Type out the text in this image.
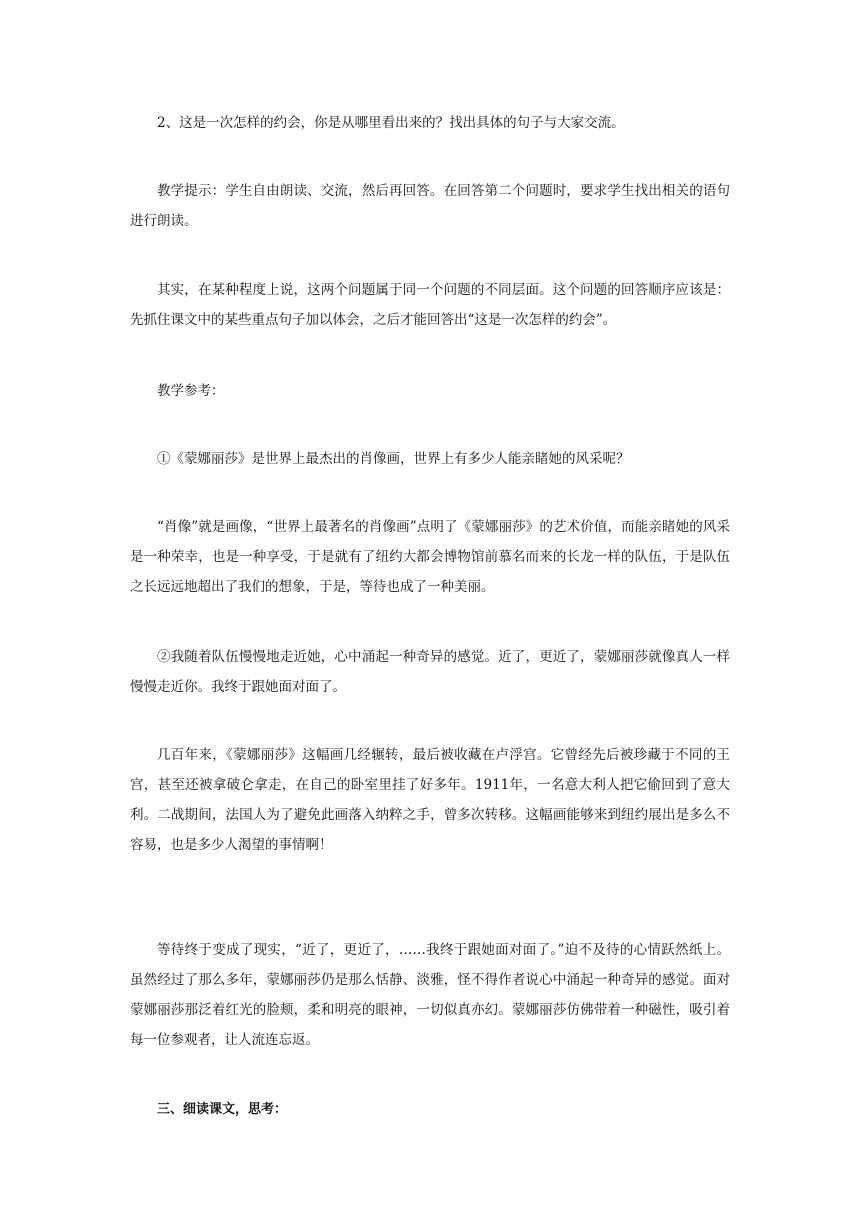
2、这是一次怎样的约会，你是从哪里看出来的？找出具体的句子与大家交流。

教学提示：学生自由朗读、交流，然后再回答。在回答第二个问题时，要求学生找出相关的语句进行朗读。

其实，在某种程度上说，这两个问题属于同一个问题的不同层面。这个问题的回答顺序应该是：先抓住课文中的某些重点句子加以体会，之后才能回答出“这是一次怎样的约会”。

教学参考：

①《蒙娜丽莎》是世界上最杰出的肖像画，世界上有多少人能亲睹她的风采呢？

“肖像”就是画像，“世界上最著名的肖像画”点明了《蒙娜丽莎》的艺术价值，而能亲睹她的风采是一种荣幸，也是一种享受，于是就有了纽约大都会博物馆前慕名而来的长龙一样的队伍，于是队伍之长远远地超出了我们的想象，于是，等待也成了一种美丽。

②我随着队伍慢慢地走近她，心中涌起一种奇异的感觉。近了，更近了，蒙娜丽莎就像真人一样慢慢走近你。我终于跟她面对面了。

几百年来，《蒙娜丽莎》这幅画几经辗转，最后被收藏在卢浮宫。它曾经先后被珍藏于不同的王宫，甚至还被拿破仑拿走，在自己的卧室里挂了好多年。1911年，一名意大利人把它偷回到了意大利。二战期间，法国人为了避免此画落入纳粹之手，曾多次转移。这幅画能够来到纽约展出是多么不容易，也是多少人渴望的事情啊！

等待终于变成了现实，“近了，更近了，……我终于跟她面对面了。”迫不及待的心情跃然纸上。虽然经过了那么多年，蒙娜丽莎仍是那么恬静、淡雅，怪不得作者说心中涌起一种奇异的感觉。面对蒙娜丽莎那泛着红光的脸颊，柔和明亮的眼神，一切似真亦幻。蒙娜丽莎仿佛带着一种磁性，吸引着每一位参观者，让人流连忘返。

三、细读课文，思考：
